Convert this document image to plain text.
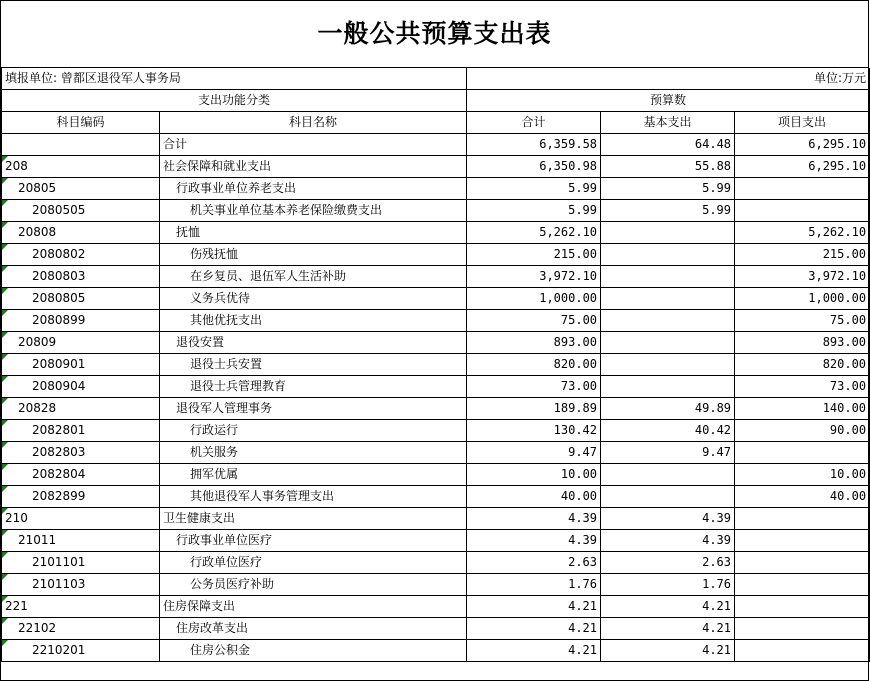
一般公共预算支出表
填报单位: 曾都区退役军人事务局		单位:万元		
支出功能分类		预算数		
科目编码	科目名称	合计	基本支出	项目支出
	合计	6,359.58	64.48	6,295.10
208	社会保障和就业支出	6,350.98	55.88	6,295.10
20805	行政事业单位养老支出	5.99	5.99	
2080505	机关事业单位基本养老保险缴费支出	5.99	5.99	
20808	抚恤	5,262.10		5,262.10
2080802	伤残抚恤	215.00		215.00
2080803	在乡复员、退伍军人生活补助	3,972.10		3,972.10
2080805	义务兵优待	1,000.00		1,000.00
2080899	其他优抚支出	75.00		75.00
20809	退役安置	893.00		893.00
2080901	退役士兵安置	820.00		820.00
2080904	退役士兵管理教育	73.00		73.00
20828	退役军人管理事务	189.89	49.89	140.00
2082801	行政运行	130.42	40.42	90.00
2082803	机关服务	9.47	9.47	
2082804	拥军优属	10.00		10.00
2082899	其他退役军人事务管理支出	40.00		40.00
210	卫生健康支出	4.39	4.39	
21011	行政事业单位医疗	4.39	4.39	
2101101	行政单位医疗	2.63	2.63	
2101103	公务员医疗补助	1.76	1.76	
221	住房保障支出	4.21	4.21	
22102	住房改革支出	4.21	4.21	
2210201	住房公积金	4.21	4.21	
